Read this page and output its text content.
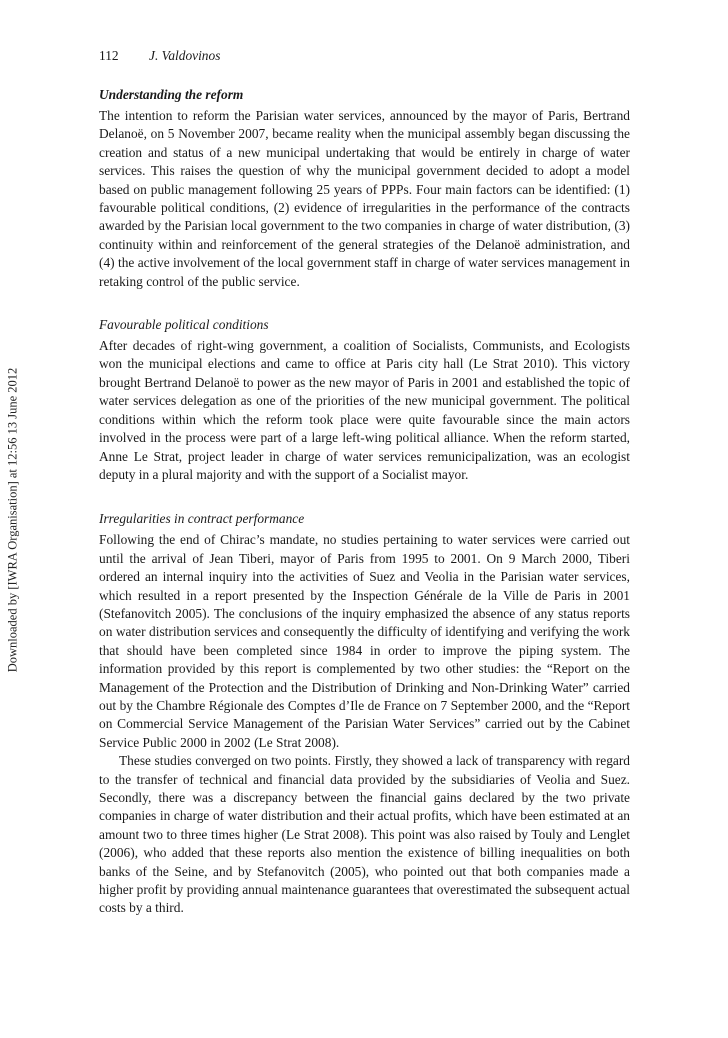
Downloaded by [IWRA Organisation] at 12:56 13 June 2012
112 J. Valdovinos
Understanding the reform

The intention to reform the Parisian water services, announced by the mayor of Paris, Bertrand Delanoë, on 5 November 2007, became reality when the municipal assembly began discussing the creation and status of a new municipal undertaking that would be entirely in charge of water services. This raises the question of why the municipal government decided to adopt a model based on public management following 25 years of PPPs. Four main factors can be identified: (1) favourable political conditions, (2) evidence of irregularities in the performance of the contracts awarded by the Parisian local government to the two companies in charge of water distribution, (3) continuity within and reinforcement of the general strategies of the Delanoë administration, and (4) the active involvement of the local government staff in charge of water services management in retaking control of the public service.

Favourable political conditions

After decades of right-wing government, a coalition of Socialists, Communists, and Ecologists won the municipal elections and came to office at Paris city hall (Le Strat 2010). This victory brought Bertrand Delanoë to power as the new mayor of Paris in 2001 and established the topic of water services delegation as one of the priorities of the new municipal government. The political conditions within which the reform took place were quite favourable since the main actors involved in the process were part of a large left-wing political alliance. When the reform started, Anne Le Strat, project leader in charge of water services remunicipalization, was an ecologist deputy in a plural majority and with the support of a Socialist mayor.

Irregularities in contract performance

Following the end of Chirac’s mandate, no studies pertaining to water services were carried out until the arrival of Jean Tiberi, mayor of Paris from 1995 to 2001. On 9 March 2000, Tiberi ordered an internal inquiry into the activities of Suez and Veolia in the Parisian water services, which resulted in a report presented by the Inspection Générale de la Ville de Paris in 2001 (Stefanovitch 2005). The conclusions of the inquiry emphasized the absence of any status reports on water distribution services and consequently the difficulty of identifying and verifying the work that should have been completed since 1984 in order to improve the piping system. The information provided by this report is complemented by two other studies: the “Report on the Management of the Protection and the Distribution of Drinking and Non-Drinking Water” carried out by the Chambre Régionale des Comptes d’Ile de France on 7 September 2000, and the “Report on Commercial Service Management of the Parisian Water Services” carried out by the Cabinet Service Public 2000 in 2002 (Le Strat 2008).

These studies converged on two points. Firstly, they showed a lack of transparency with regard to the transfer of technical and financial data provided by the subsidiaries of Veolia and Suez. Secondly, there was a discrepancy between the financial gains declared by the two private companies in charge of water distribution and their actual profits, which have been estimated at an amount two to three times higher (Le Strat 2008). This point was also raised by Touly and Lenglet (2006), who added that these reports also mention the existence of billing inequalities on both banks of the Seine, and by Stefanovitch (2005), who pointed out that both companies made a higher profit by providing annual maintenance guarantees that overestimated the subsequent actual costs by a third.
